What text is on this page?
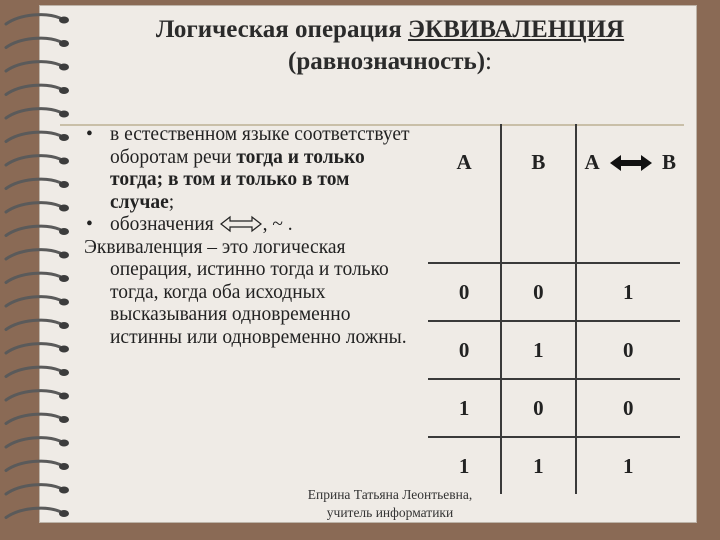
Логическая операция ЭКВИВАЛЕНЦИЯ
(равнозначность):
• в естественном языке соответствует оборотам речи тогда и только тогда; в том и только в том случае;
• обозначения , ~ .
Эквиваленция – это логическая операция, истинно тогда и только тогда, когда оба исходных высказывания одновременно истинны или одновременно ложны.
A	B	A B

0	0	1
0	1	0
1	0	0
1	1	1
Еприна Татьяна Леонтьевна,
учитель информатики
